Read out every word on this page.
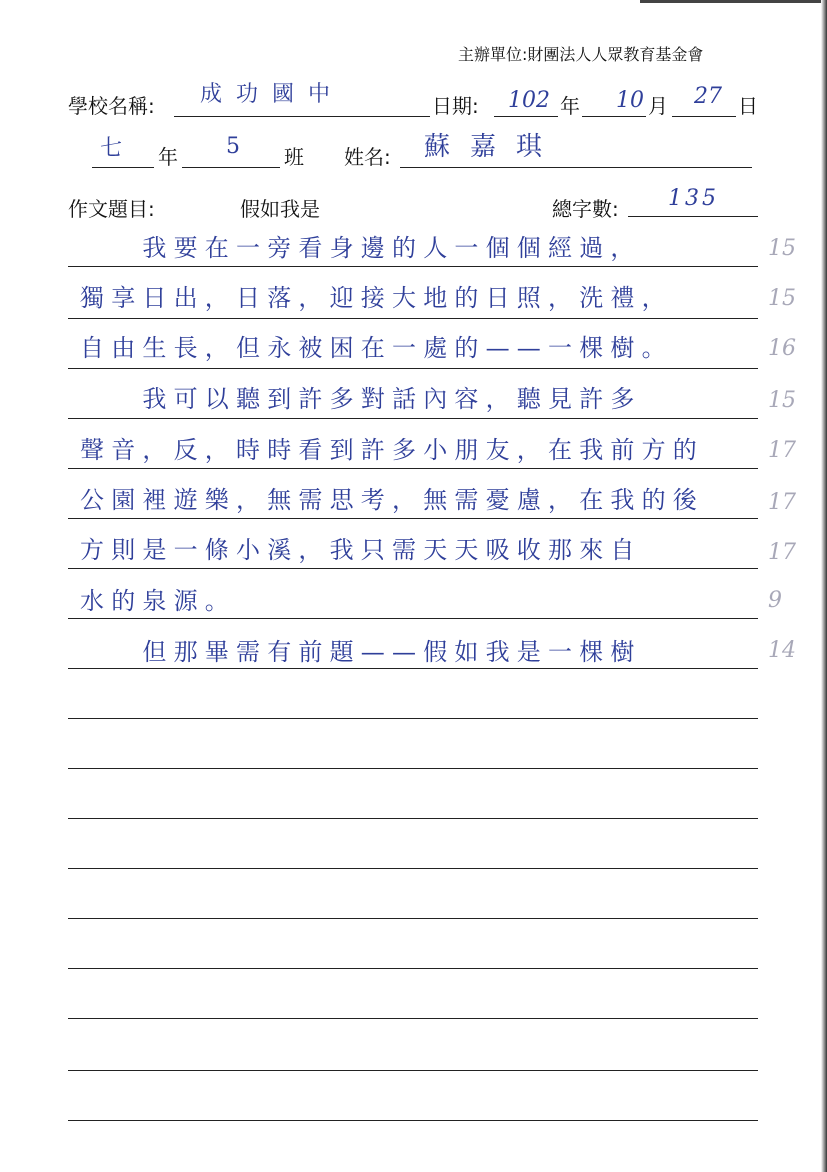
主辦單位:財團法人人眾教育基金會
學校名稱: 成功國中	日期: 102 年 10 月 27 日
七 年 5 班 姓名: 蘇嘉琪
作文題目:	假如我是	總字數: 135
　　我要在一旁看身邊的人一個個經過，	15
獨享日出，日落，迎接大地的日照，洗禮，	15
自由生長，但永被困在一處的——一棵樹。	16
　　我可以聽到許多對話內容，聽見許多	15
聲音，反，時時看到許多小朋友，在我前方的	17
公園裡遊樂，無需思考，無需憂慮，在我的後	17
方則是一條小溪，我只需天天吸收那來自	17
水的泉源。	9
　　但那畢需有前題——假如我是一棵樹	14
